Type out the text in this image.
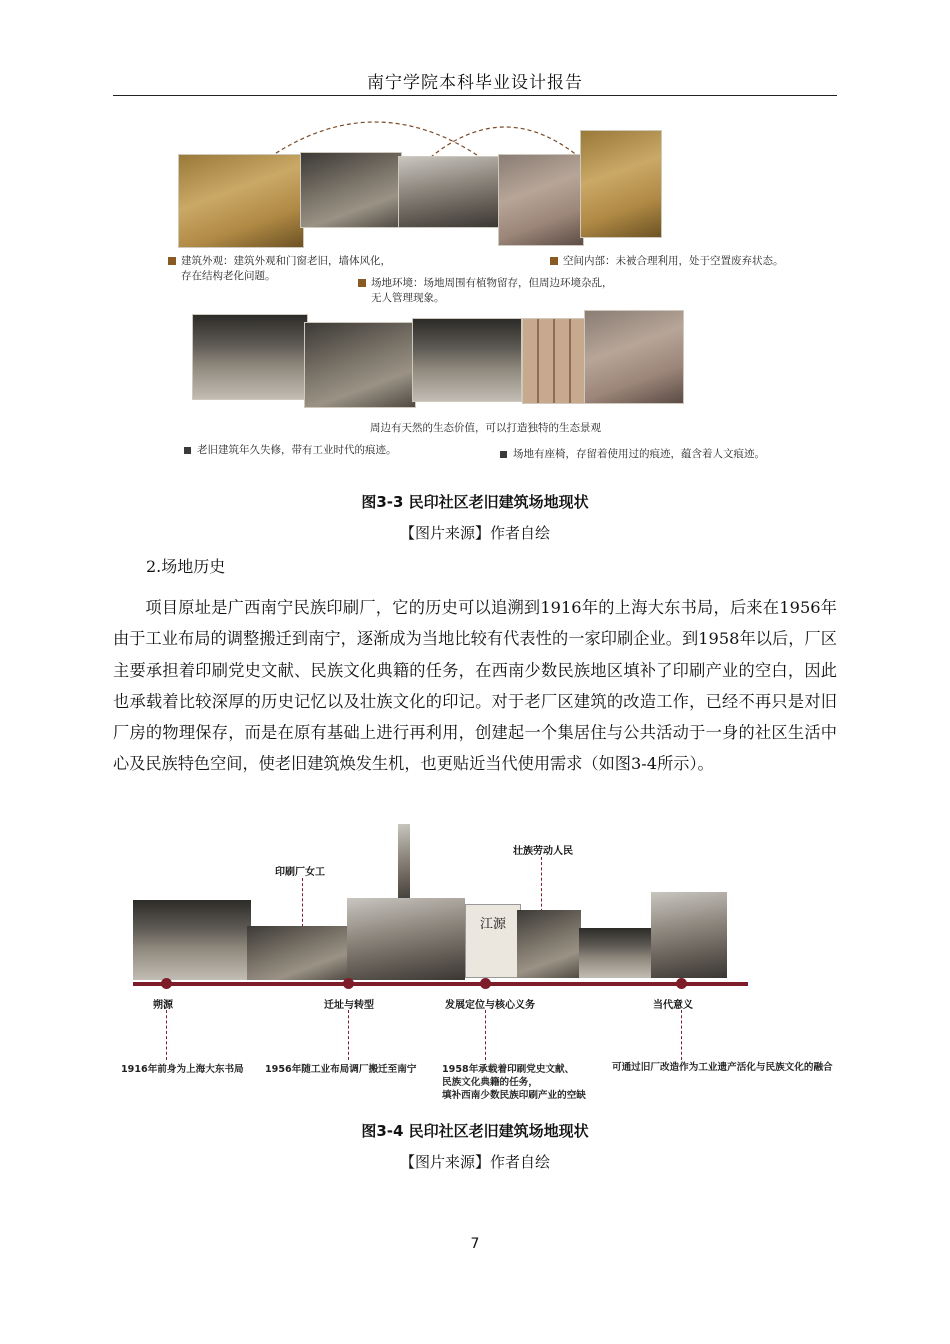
南宁学院本科毕业设计报告
建筑外观：建筑外观和门窗老旧，墙体风化，
存在结构老化问题。
场地环境：场地周围有植物留存，但周边环境杂乱，
无人管理现象。
空间内部：未被合理利用，处于空置废弃状态。
周边有天然的生态价值，可以打造独特的生态景观
老旧建筑年久失修，带有工业时代的痕迹。	场地有座椅，存留着使用过的痕迹，蕴含着人文痕迹。
图3-3 民印社区老旧建筑场地现状
【图片来源】作者自绘
2.场地历史
项目原址是广西南宁民族印刷厂，它的历史可以追溯到1916年的上海大东书局，后来在1956年由于工业布局的调整搬迁到南宁，逐渐成为当地比较有代表性的一家印刷企业。到1958年以后，厂区主要承担着印刷党史文献、民族文化典籍的任务，在西南少数民族地区填补了印刷产业的空白，因此也承载着比较深厚的历史记忆以及壮族文化的印记。对于老厂区建筑的改造工作，已经不再只是对旧厂房的物理保存，而是在原有基础上进行再利用，创建起一个集居住与公共活动于一身的社区生活中心及民族特色空间，使老旧建筑焕发生机，也更贴近当代使用需求（如图3-4所示）。
印刷厂女工
壮族劳动人民
江源
朔源	迁址与转型	发展定位与核心义务	当代意义
1916年前身为上海大东书局 1956年随工业布局调厂搬迁至南宁	1958年承载着印刷党史文献、
民族文化典籍的任务，
填补西南少数民族印刷产业的空缺
可通过旧厂改造作为工业遗产活化与民族文化的融合
图3-4 民印社区老旧建筑场地现状
【图片来源】作者自绘
7
